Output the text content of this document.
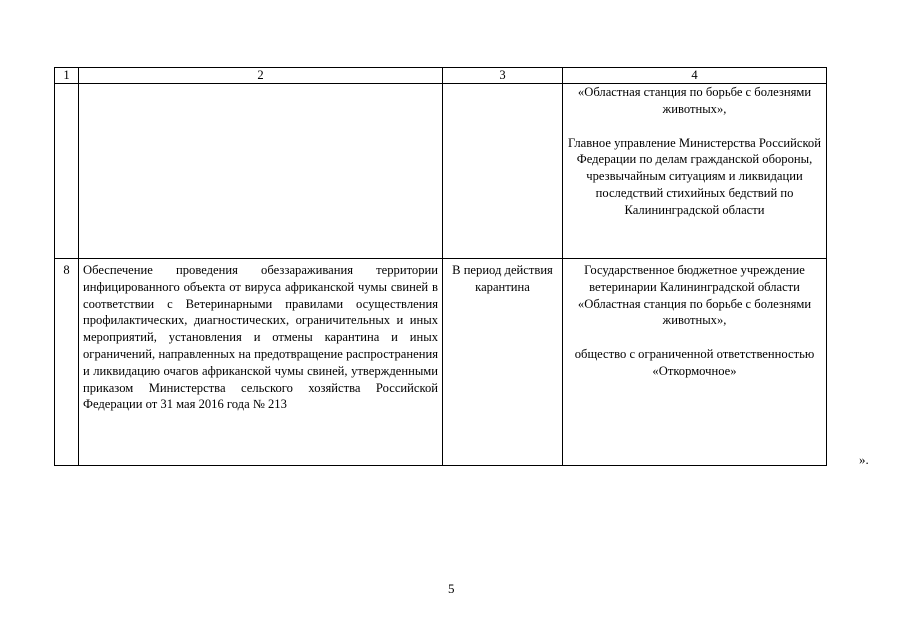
1	2	3	4

			«Областная станция по борьбе с болезнями животных»,

Главное управление Министерства Российской Федерации по делам гражданской обороны, чрезвычайным ситуациям и ликвидации последствий стихийных бедствий по Калининградской области

8	Обеспечение проведения обеззараживания территории инфицированного объекта от вируса африканской чумы свиней в соответствии с Ветеринарными правилами осуществления профилактических, диагностических, ограничительных и иных мероприятий, установления и отмены карантина и иных ограничений, направленных на предотвращение распространения и ликвидацию очагов африканской чумы свиней, утвержденными приказом Министерства сельского хозяйства Российской Федерации от 31 мая 2016 года № 213	В период действия карантина	Государственное бюджетное учреждение ветеринарии Калининградской области «Областная станция по борьбе с болезнями животных»,

общество с ограниченной ответственностью «Откормочное»

».
5
